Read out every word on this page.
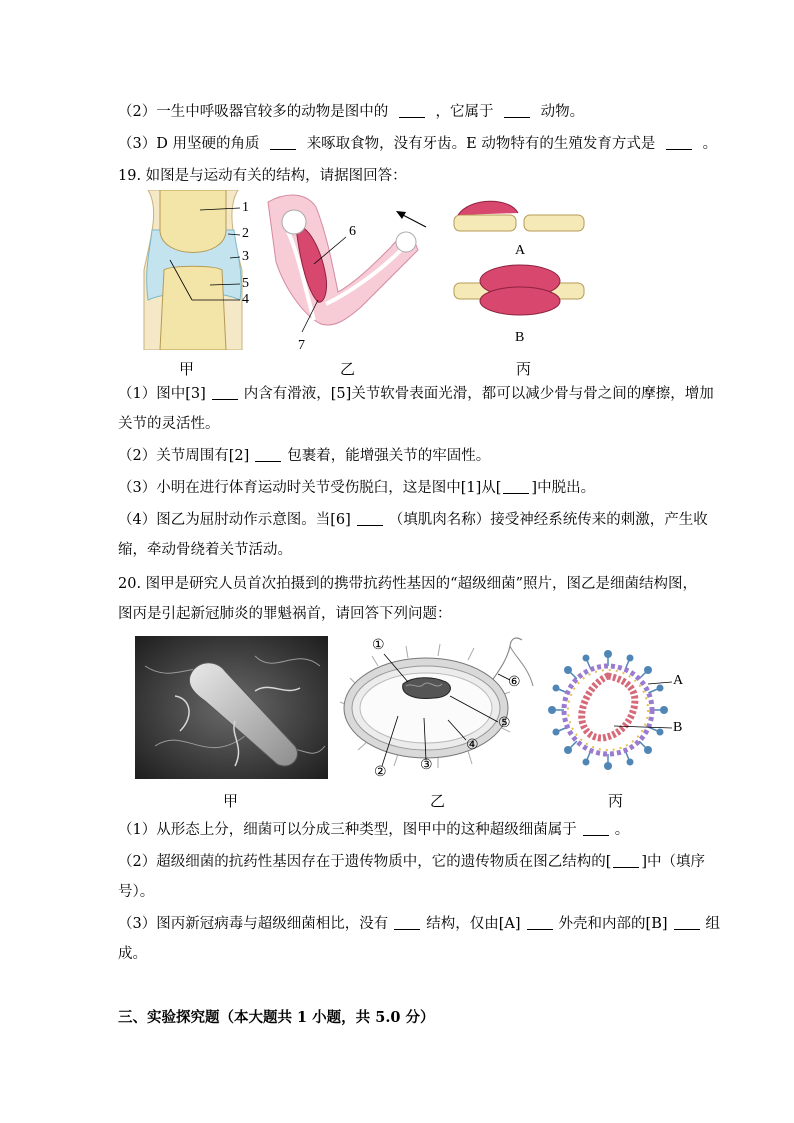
（2）一生中呼吸器官较多的动物是图中的	，它属于	动物。
（3）D 用坚硬的角质	来啄取食物，没有牙齿。E 动物特有的生殖发育方式是	。
19. 如图是与运动有关的结构，请据图回答：
1
2
3
5
4
6
7
A
B
甲	乙	丙
（1）图中[3]	内含有滑液，[5]关节软骨表面光滑，都可以减少骨与骨之间的摩擦，增加
关节的灵活性。
（2）关节周围有[2]	包裹着，能增强关节的牢固性。
（3）小明在进行体育运动时关节受伤脱臼，这是图中[1]从[ ]中脱出。
（4）图乙为屈肘动作示意图。当[6]	（填肌肉名称）接受神经系统传来的刺激，产生收
缩，牵动骨绕着关节活动。
20. 图甲是研究人员首次拍摄到的携带抗药性基因的“超级细菌”照片，图乙是细菌结构图，
图丙是引起新冠肺炎的罪魁祸首，请回答下列问题：
①
② ③
④
⑤
⑥	A
B
甲	乙	丙
（1）从形态上分，细菌可以分成三种类型，图甲中的这种超级细菌属于	。
（2）超级细菌的抗药性基因存在于遗传物质中，它的遗传物质在图乙结构的[ ]中（填序
号）。
（3）图丙新冠病毒与超级细菌相比，没有	结构，仅由[A]	外壳和内部的[B]	组
成。
三、实验探究题（本大题共 1 小题，共 5.0 分）
